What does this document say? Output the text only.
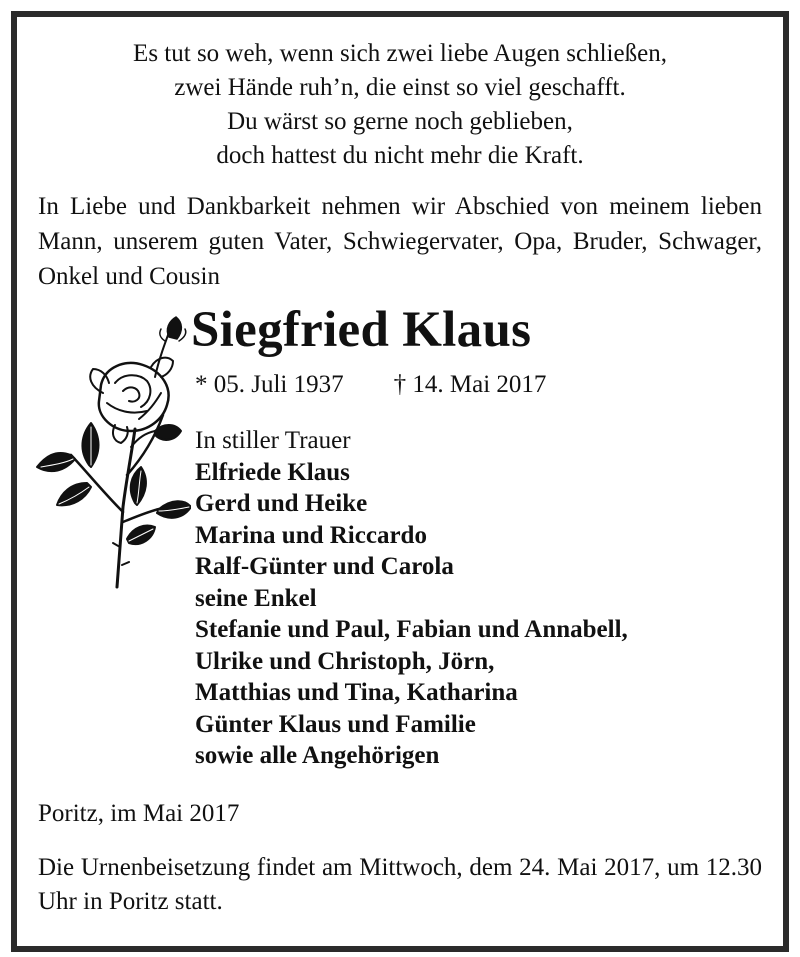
Es tut so weh, wenn sich zwei liebe Augen schließen,
zwei Hände ruh’n, die einst so viel geschafft.
Du wärst so gerne noch geblieben,
doch hattest du nicht mehr die Kraft.
In Liebe und Dankbarkeit nehmen wir Abschied von meinem lieben Mann, unserem guten Vater, Schwiegervater, Opa, Bruder, Schwager, Onkel und Cousin
Siegfried Klaus
* 05. Juli 1937 † 14. Mai 2017
In stiller Trauer
Elfriede Klaus
Gerd und Heike
Marina und Riccardo
Ralf-Günter und Carola
seine Enkel
Stefanie und Paul, Fabian und Annabell,
Ulrike und Christoph, Jörn,
Matthias und Tina, Katharina
Günter Klaus und Familie
sowie alle Angehörigen
Poritz, im Mai 2017
Die Urnenbeisetzung findet am Mittwoch, dem 24. Mai 2017, um 12.30 Uhr in Poritz statt.
